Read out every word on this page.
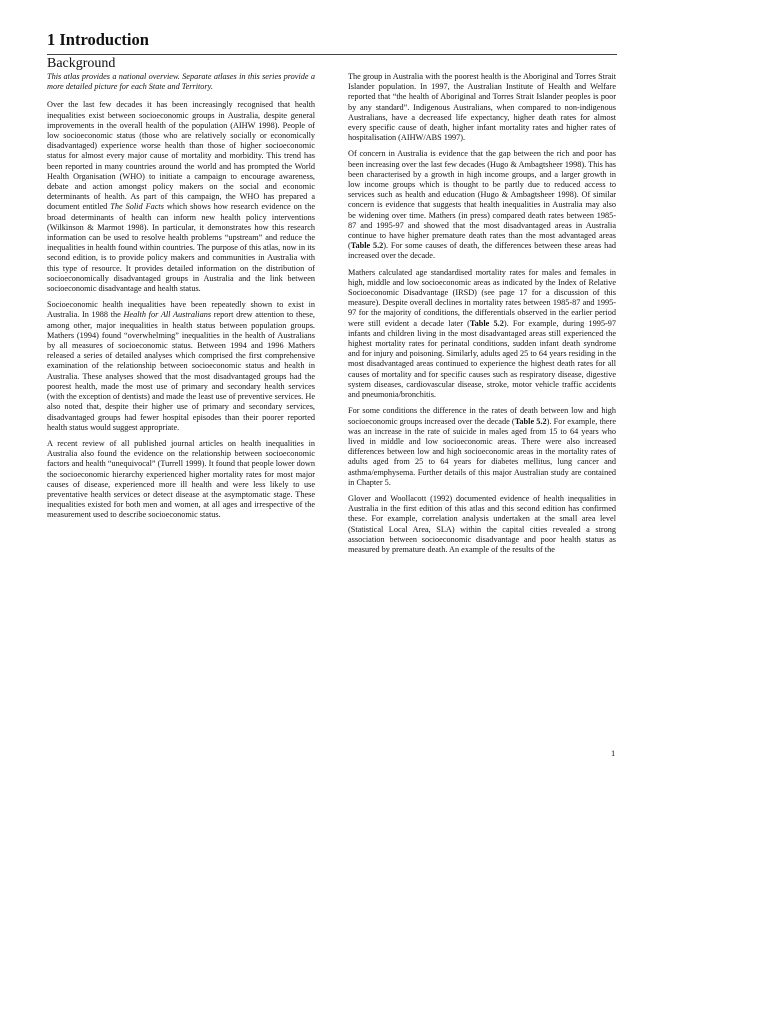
1 Introduction
Background

This atlas provides a national overview. Separate atlases in this series provide a more detailed picture for each State and Territory.

Over the last few decades it has been increasingly recognised that health inequalities exist between socioeconomic groups in Australia, despite general improvements in the overall health of the population (AIHW 1998). People of low socioeconomic status (those who are relatively socially or economically disadvantaged) experience worse health than those of higher socioeconomic status for almost every major cause of mortality and morbidity. This trend has been reported in many countries around the world and has prompted the World Health Organisation (WHO) to initiate a campaign to encourage awareness, debate and action amongst policy makers on the social and economic determinants of health. As part of this campaign, the WHO has prepared a document entitled The Solid Facts which shows how research evidence on the broad determinants of health can inform new health policy interventions (Wilkinson & Marmot 1998). In particular, it demonstrates how this research information can be used to resolve health problems “upstream” and reduce the inequalities in health found within countries. The purpose of this atlas, now in its second edition, is to provide policy makers and communities in Australia with this type of resource. It provides detailed information on the distribution of socioeconomically disadvantaged groups in Australia and the link between socioeconomic disadvantage and health status.

Socioeconomic health inequalities have been repeatedly shown to exist in Australia. In 1988 the Health for All Australians report drew attention to these, among other, major inequalities in health status between population groups. Mathers (1994) found “overwhelming” inequalities in the health of Australians by all measures of socioeconomic status. Between 1994 and 1996 Mathers released a series of detailed analyses which comprised the first comprehensive examination of the relationship between socioeconomic status and health in Australia. These analyses showed that the most disadvantaged groups had the poorest health, made the most use of primary and secondary health services (with the exception of dentists) and made the least use of preventive services. He also noted that, despite their higher use of primary and secondary services, disadvantaged groups had fewer hospital episodes than their poorer reported health status would suggest appropriate.

A recent review of all published journal articles on health inequalities in Australia also found the evidence on the relationship between socioeconomic factors and health “unequivocal” (Turrell 1999). It found that people lower down the socioeconomic hierarchy experienced higher mortality rates for most major causes of disease, experienced more ill health and were less likely to use preventative health services or detect disease at the asymptomatic stage. These inequalities existed for both men and women, at all ages and irrespective of the measurement used to describe socioeconomic status.

The group in Australia with the poorest health is the Aboriginal and Torres Strait Islander population. In 1997, the Australian Institute of Health and Welfare reported that “the health of Aboriginal and Torres Strait Islander peoples is poor by any standard”. Indigenous Australians, when compared to non-indigenous Australians, have a decreased life expectancy, higher death rates for almost every specific cause of death, higher infant mortality rates and higher rates of hospitalisation (AIHW/ABS 1997).

Of concern in Australia is evidence that the gap between the rich and poor has been increasing over the last few decades (Hugo & Ambagtsheer 1998). This has been characterised by a growth in high income groups, and a larger growth in low income groups which is thought to be partly due to reduced access to services such as health and education (Hugo & Ambagtsheer 1998). Of similar concern is evidence that suggests that health inequalities in Australia may also be widening over time. Mathers (in press) compared death rates between 1985-87 and 1995-97 and showed that the most disadvantaged areas in Australia continue to have higher premature death rates than the most advantaged areas (Table 5.2). For some causes of death, the differences between these areas had increased over the decade.

Mathers calculated age standardised mortality rates for males and females in high, middle and low socioeconomic areas as indicated by the Index of Relative Socioeconomic Disadvantage (IRSD) (see page 17 for a discussion of this measure). Despite overall declines in mortality rates between 1985-87 and 1995-97 for the majority of conditions, the differentials observed in the earlier period were still evident a decade later (Table 5.2). For example, during 1995-97 infants and children living in the most disadvantaged areas still experienced the highest mortality rates for perinatal conditions, sudden infant death syndrome and for injury and poisoning. Similarly, adults aged 25 to 64 years residing in the most disadvantaged areas continued to experience the highest death rates for all causes of mortality and for specific causes such as respiratory disease, digestive system diseases, cardiovascular disease, stroke, motor vehicle traffic accidents and pneumonia/bronchitis.

For some conditions the difference in the rates of death between low and high socioeconomic groups increased over the decade (Table 5.2). For example, there was an increase in the rate of suicide in males aged from 15 to 64 years who lived in middle and low socioeconomic areas. There were also increased differences between low and high socioeconomic areas in the mortality rates of adults aged from 25 to 64 years for diabetes mellitus, lung cancer and asthma/emphysema. Further details of this major Australian study are contained in Chapter 5.

Glover and Woollacott (1992) documented evidence of health inequalities in Australia in the first edition of this atlas and this second edition has confirmed these. For example, correlation analysis undertaken at the small area level (Statistical Local Area, SLA) within the capital cities revealed a strong association between socioeconomic disadvantage and poor health status as measured by premature death. An example of the results of the

1
